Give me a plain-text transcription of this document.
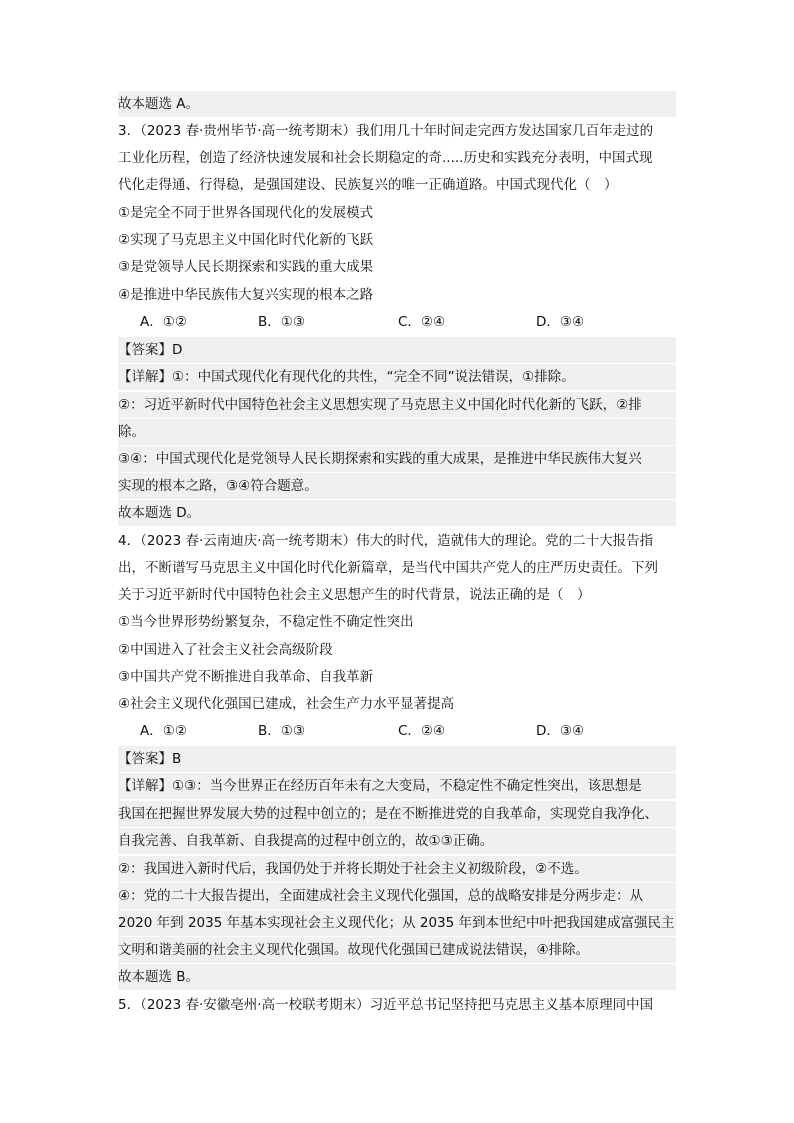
故本题选 A。
3．（2023 春·贵州毕节·高一统考期末）我们用几十年时间走完西方发达国家几百年走过的
工业化历程，创造了经济快速发展和社会长期稳定的奇.....历史和实践充分表明，中国式现
代化走得通、行得稳，是强国建设、民族复兴的唯一正确道路。中国式现代化（　）
①是完全不同于世界各国现代化的发展模式
②实现了马克思主义中国化时代化新的飞跃
③是党领导人民长期探索和实践的重大成果
④是推进中华民族伟大复兴实现的根本之路
A．①②	B．①③	C．②④	D．③④
【答案】D
【详解】①：中国式现代化有现代化的共性，“完全不同”说法错误，①排除。
②：习近平新时代中国特色社会主义思想实现了马克思主义中国化时代化新的飞跃，②排
除。
③④：中国式现代化是党领导人民长期探索和实践的重大成果，是推进中华民族伟大复兴
实现的根本之路，③④符合题意。
故本题选 D。
4．（2023 春·云南迪庆·高一统考期末）伟大的时代，造就伟大的理论。党的二十大报告指
出，不断谱写马克思主义中国化时代化新篇章，是当代中国共产党人的庄严历史责任。下列
关于习近平新时代中国特色社会主义思想产生的时代背景，说法正确的是（　）
①当今世界形势纷繁复杂，不稳定性不确定性突出
②中国进入了社会主义社会高级阶段
③中国共产党不断推进自我革命、自我革新
④社会主义现代化强国已建成，社会生产力水平显著提高
A．①②	B．①③	C．②④	D．③④
【答案】B
【详解】①③：当今世界正在经历百年未有之大变局，不稳定性不确定性突出，该思想是
我国在把握世界发展大势的过程中创立的；是在不断推进党的自我革命，实现党自我净化、
自我完善、自我革新、自我提高的过程中创立的，故①③正确。
②：我国进入新时代后，我国仍处于并将长期处于社会主义初级阶段，②不选。
④：党的二十大报告提出，全面建成社会主义现代化强国，总的战略安排是分两步走：从
2020 年到 2035 年基本实现社会主义现代化；从 2035 年到本世纪中叶把我国建成富强民主
文明和谐美丽的社会主义现代化强国。故现代化强国已建成说法错误，④排除。
故本题选 B。
5．（2023 春·安徽亳州·高一校联考期末）习近平总书记坚持把马克思主义基本原理同中国
